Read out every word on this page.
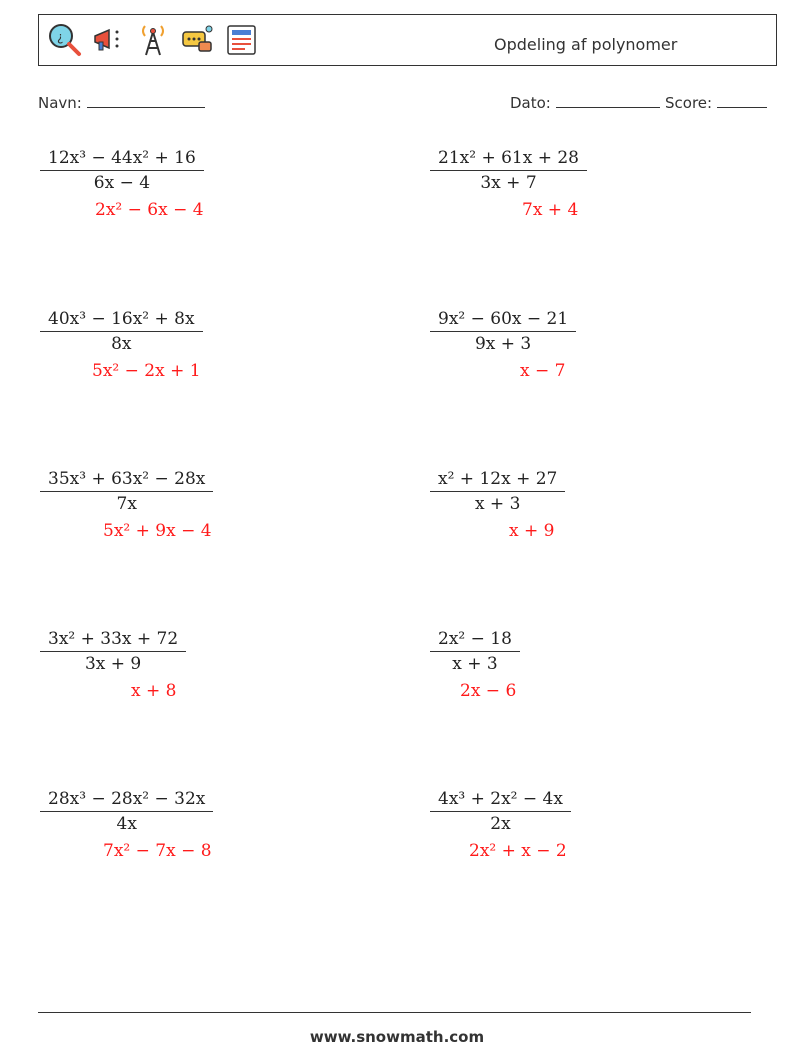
¿	Opdeling af polynomer
Navn:	Dato:	Score:
$\frac{\text{12x³ − 44x² + 16}}{6x - 4}$
2x² − 6x − 4
$\frac{\text{21x² + 61x + 28}}{3x + 7}$
7x + 4
$\frac{\text{40x³ − 16x² + 8x}}{8x}$
5x² − 2x + 1
$\frac{\text{9x² − 60x − 21}}{9x + 3}$
x − 7
$\frac{\text{35x³ + 63x² − 28x}}{7x}$
5x² + 9x − 4
$\frac{\text{x² + 12x + 27}}{x + 3}$
x + 9
$\frac{\text{3x² + 33x + 72}}{3x + 9}$
x + 8
$\frac{\text{2x² − 18}}{x + 3}$
2x − 6
$\frac{\text{28x³ − 28x² − 32x}}{4x}$
7x² − 7x − 8
$\frac{\text{4x³ + 2x² − 4x}}{2x}$
2x² + x − 2
www.snowmath.com
